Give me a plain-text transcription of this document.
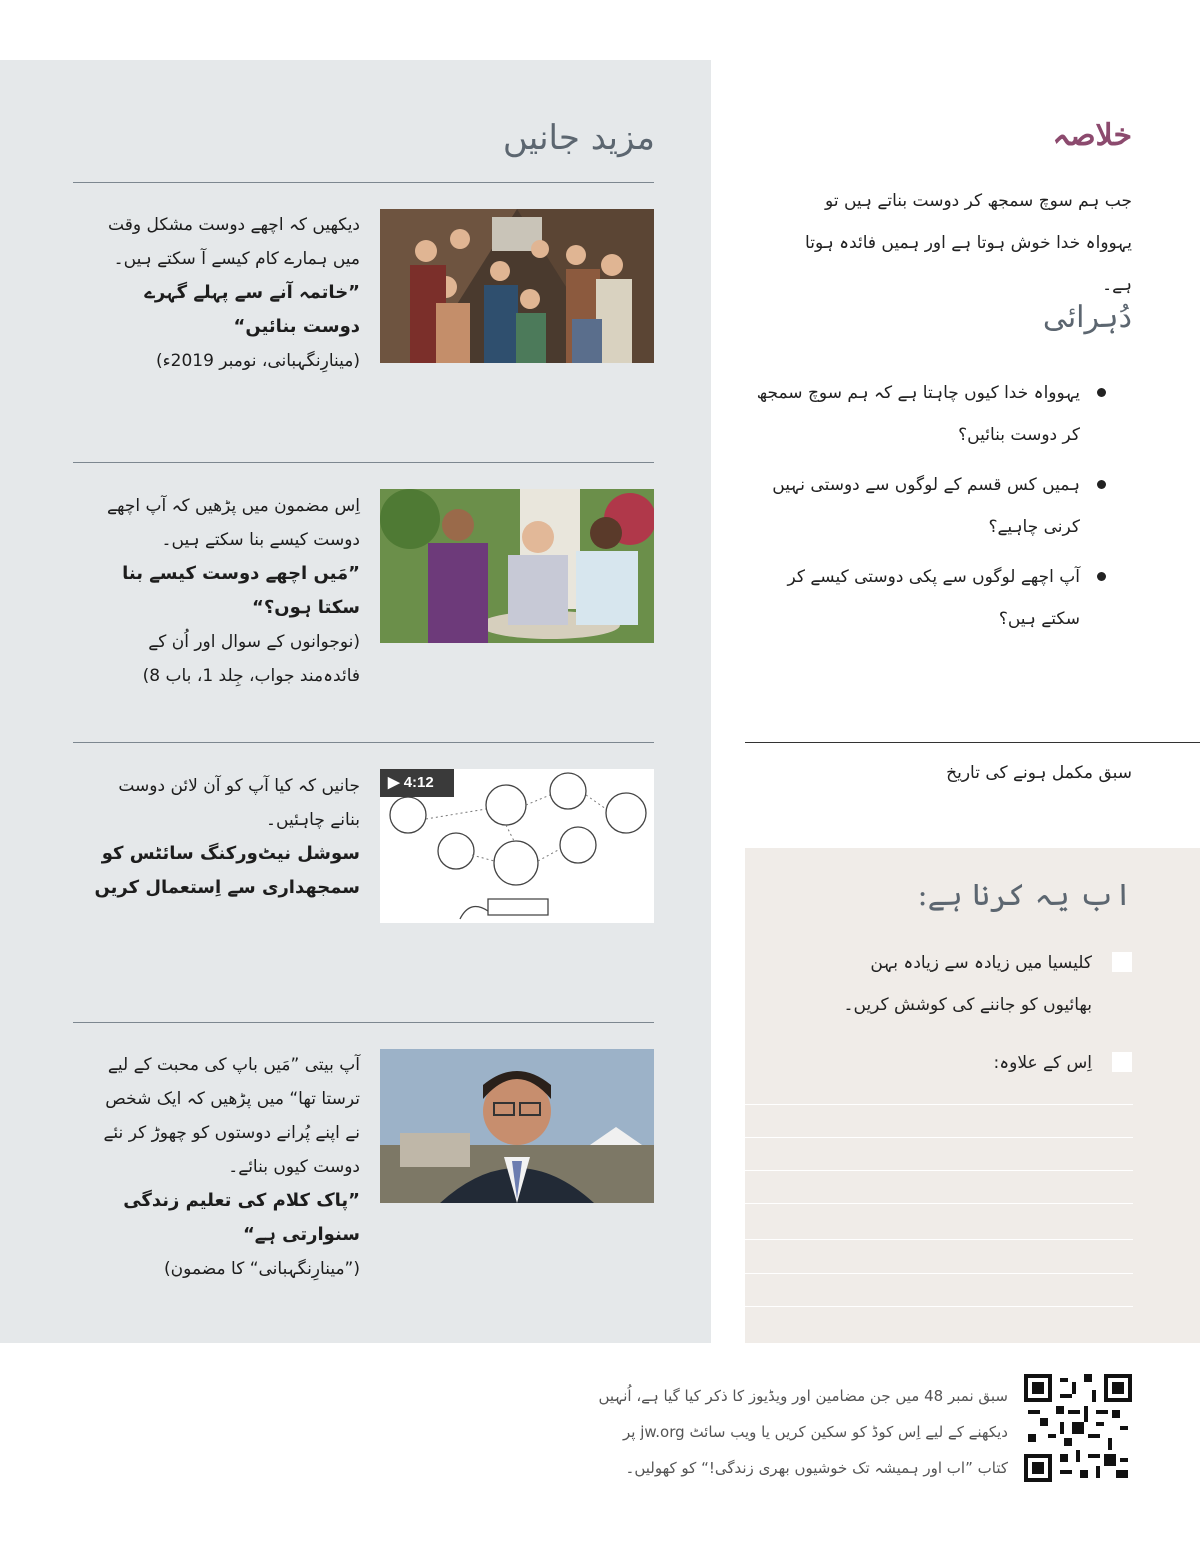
مزید جانیں
دیکھیں کہ اچھے دوست مشکل وقت میں ہمارے کام کیسے آ سکتے ہیں۔
”خاتمہ آنے سے پہلے گہرے دوست بنائیں“
(مینارِنگہبانی، نومبر 2019ء)
اِس مضمون میں پڑھیں کہ آپ اچھے دوست کیسے بنا سکتے ہیں۔
”مَیں اچھے دوست کیسے بنا سکتا ہوں؟“
(نوجوانوں کے سوال اور اُن کے فائدہ‌مند جواب، جِلد 1، باب 8)
جانیں کہ کیا آپ کو آن لائن دوست بنانے چاہئیں۔
سوشل نیٹ‌ورکنگ سائٹس کو سمجھداری سے اِستعمال کریں
▶ 4:12
آپ بیتی ”مَیں باپ کی محبت کے لیے ترستا تھا“ میں پڑھیں کہ ایک شخص نے اپنے پُرانے دوستوں کو چھوڑ کر نئے دوست کیوں بنائے۔
”پاک کلام کی تعلیم زندگی سنوارتی ہے“
(”مینارِنگہبانی“ کا مضمون)
خلاصہ
جب ہم سوچ سمجھ کر دوست بناتے ہیں تو یہوواہ خدا خوش ہوتا ہے اور ہمیں فائدہ ہوتا ہے۔
دُہرائی
یہوواہ خدا کیوں چاہتا ہے کہ ہم سوچ سمجھ کر دوست بنائیں؟
ہمیں کس قسم کے لوگوں سے دوستی نہیں کرنی چاہیے؟
آپ اچھے لوگوں سے پکی دوستی کیسے کر سکتے ہیں؟
سبق مکمل ہونے کی تاریخ
اب یہ کرنا ہے:
کلیسیا میں زیادہ سے زیادہ بہن بھائیوں کو جاننے کی کوشش کریں۔
اِس کے علاوہ:
سبق نمبر 48 میں جن مضامین اور ویڈیوز کا ذکر کیا گیا ہے، اُنہیں دیکھنے کے لیے اِس کوڈ کو سکین کریں یا ویب سائٹ jw.org پر کتاب ”اب اور ہمیشہ تک خوشیوں بھری زندگی!“ کو کھولیں۔
